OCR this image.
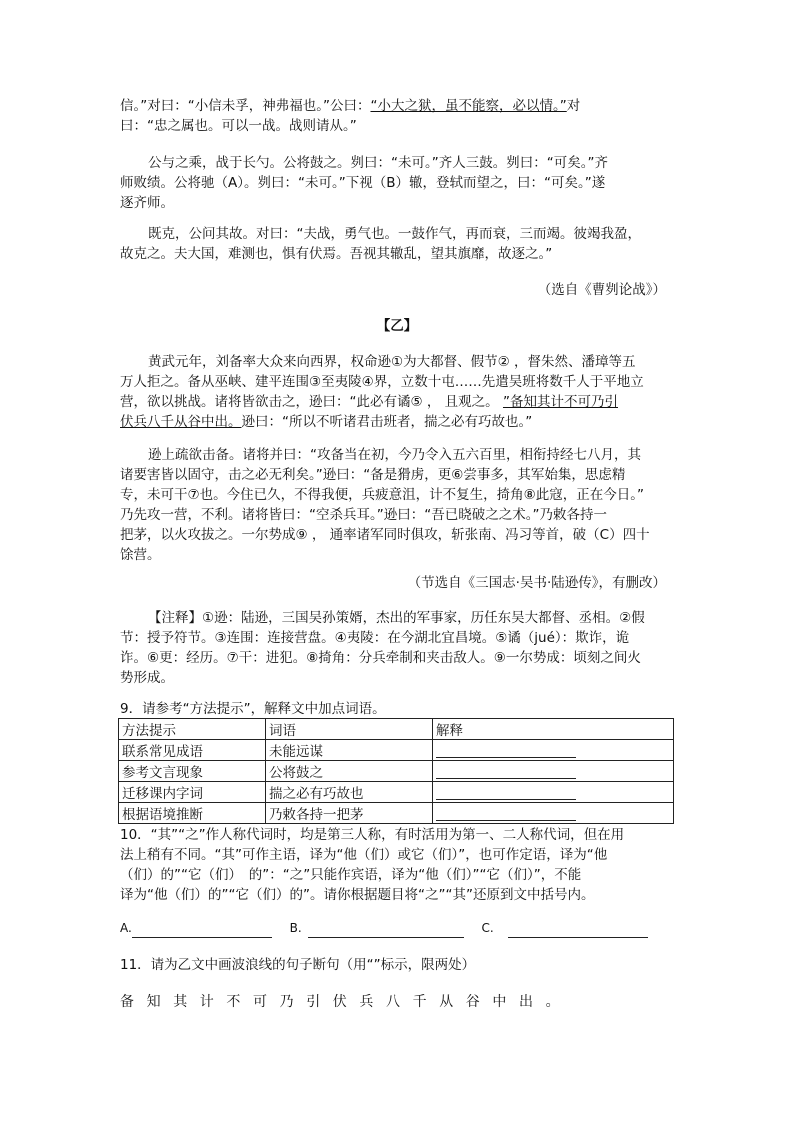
信。”对曰：“小信未孚，神弗福也。”公曰：“小大之狱，虽不能察，必以情。”对
曰：“忠之属也。可以一战。战则请从。”
公与之乘，战于长勺。公将鼓之。刿曰：“未可。”齐人三鼓。刿曰：“可矣。”齐
师败绩。公将驰（A）。刿曰：“未可。”下视（B）辙，登轼而望之，曰：“可矣。”遂
逐齐师。
既克，公问其故。对曰：“夫战，勇气也。一鼓作气，再而衰，三而竭。彼竭我盈，
故克之。夫大国，难测也，惧有伏焉。吾视其辙乱，望其旗靡，故逐之。”
（选自《曹刿论战》）
【乙】
黄武元年，刘备率大众来向西界，权命逊①为大都督、假节② ，督朱然、潘璋等五
万人拒之。备从巫峡、建平连围③至夷陵④界，立数十屯……先遣吴班将数千人于平地立
营，欲以挑战。诸将皆欲击之，逊曰：“此必有谲⑤ ， 且观之。 ”备知其计不可乃引
伏兵八千从谷中出。逊曰：“所以不听诸君击班者，揣之必有巧故也。”
逊上疏欲击备。诸将并曰：“攻备当在初，今乃令入五六百里，相衔持经七八月，其
诸要害皆以固守，击之必无利矣。”逊曰：“备是猾虏，更⑥尝事多，其军始集，思虑精
专，未可干⑦也。今住已久，不得我便，兵疲意沮，计不复生，掎角⑧此寇，正在今日。”
乃先攻一营，不利。诸将皆曰：“空杀兵耳。”逊曰：“吾已晓破之之术。”乃敕各持一
把茅，以火攻拔之。一尔势成⑨ ， 通率诸军同时俱攻，斩张南、冯习等首，破（C）四十
馀营。
（节选自《三国志·吴书·陆逊传》，有删改）
【注释】①逊：陆逊，三国吴孙策婿，杰出的军事家，历任东吴大都督、丞相。②假
节：授予符节。③连围：连接营盘。④夷陵：在今湖北宜昌境。⑤谲（jué）：欺诈，诡
诈。⑥更：经历。⑦干：进犯。⑧掎角：分兵牵制和夹击敌人。⑨一尔势成：顷刻之间火
势形成。
9．请参考“方法提示”，解释文中加点词语。
方法提示	词语	解释
联系常见成语	未能远谋	
参考文言现象	公将鼓之	
迁移课内字词	揣之必有巧故也	
根据语境推断	乃敕各持一把茅	
10．“其”“之”作人称代词时，均是第三人称，有时活用为第一、二人称代词，但在用
法上稍有不同。“其”可作主语，译为“他（们）或它（们）”，也可作定语，译为“他
（们）的”“它（们）　的”：“之”只能作宾语，译为“他（们）”“它（们）”，不能
译为“他（们）的”“它（们）的”。请你根据题目将“之”“其”还原到文中括号内。
A.	B.	C.
11．请为乙文中画波浪线的句子断句（用“”标示，限两处）
备知其计不可乃引伏兵八千从谷中出。
